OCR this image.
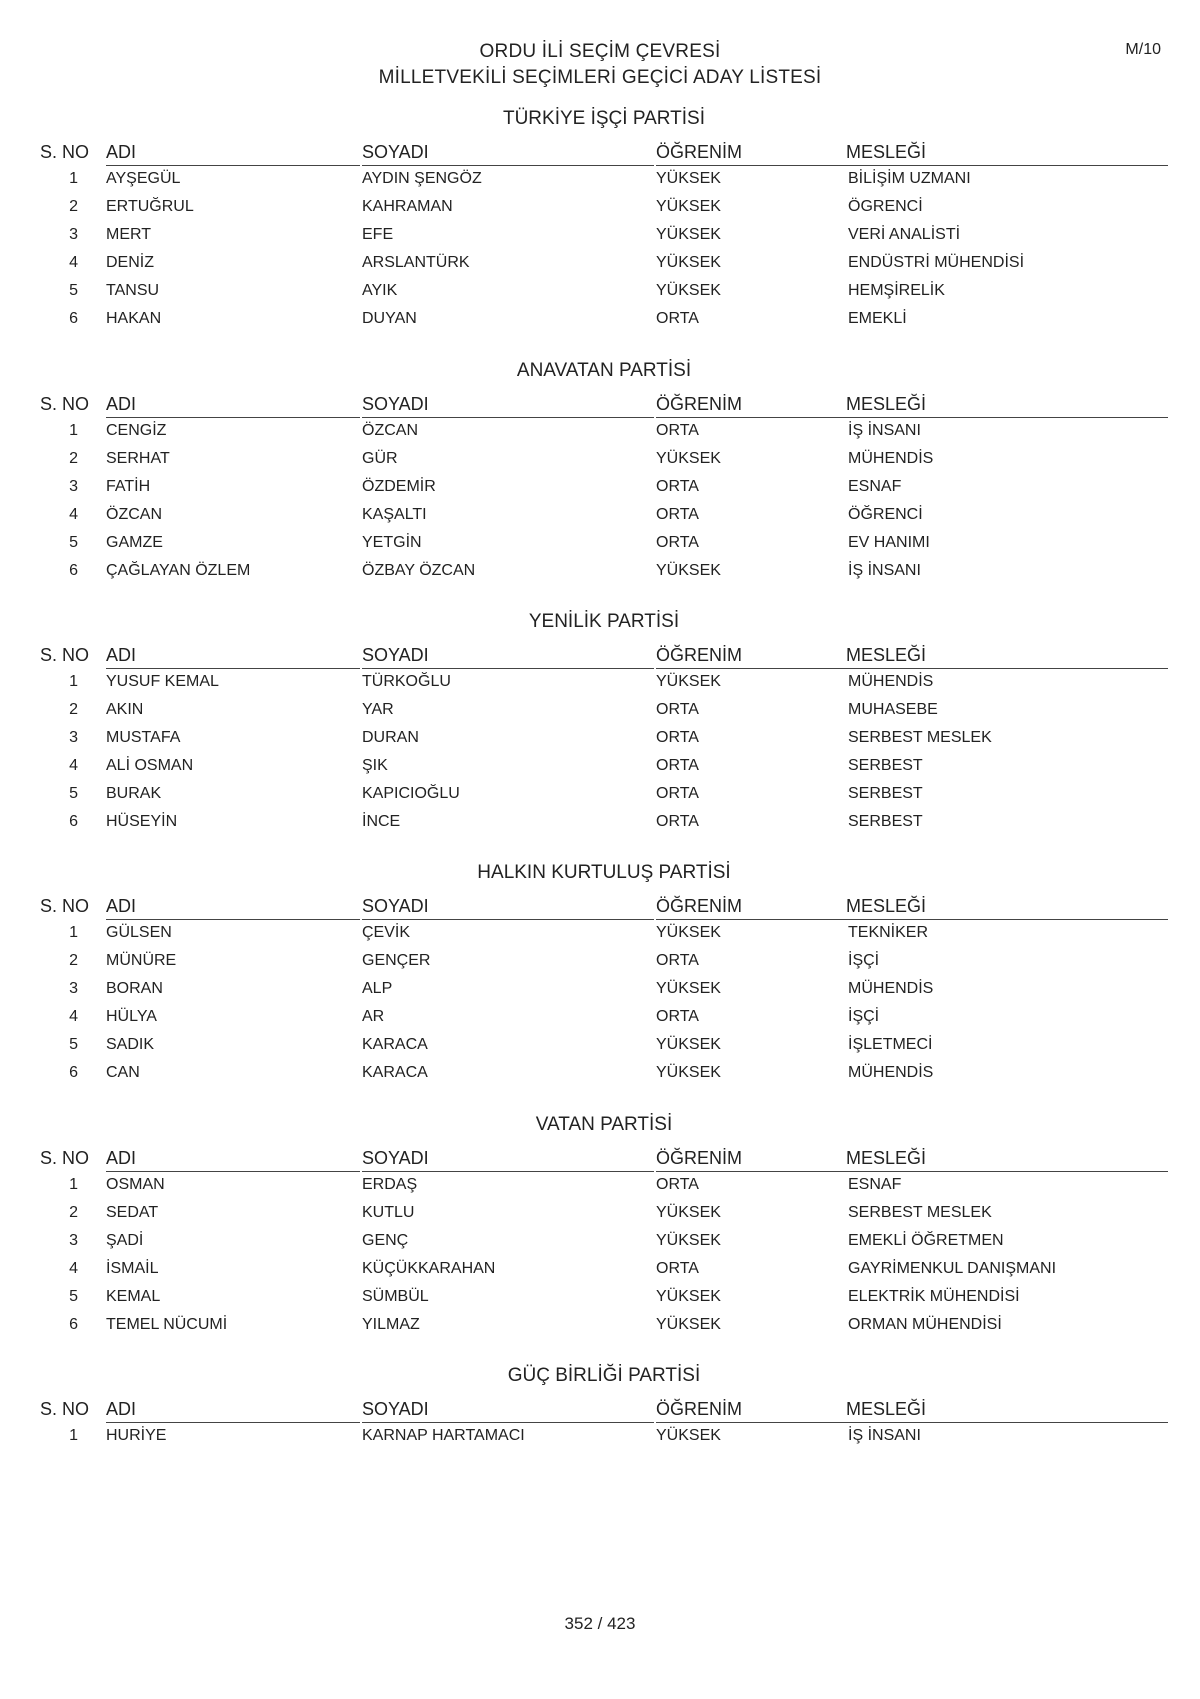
ORDU İLİ SEÇİM ÇEVRESİ
MİLLETVEKİLİ SEÇİMLERİ GEÇİCİ ADAY LİSTESİ
M/10
TÜRKİYE İŞÇİ PARTİSİ
S. NO ADI	SOYADI	ÖĞRENİM	MESLEĞİ
1 AYŞEGÜL	AYDIN ŞENGÖZ	YÜKSEK	BİLİŞİM UZMANI
2 ERTUĞRUL	KAHRAMAN	YÜKSEK	ÖGRENCİ
3 MERT	EFE	YÜKSEK	VERİ ANALİSTİ
4 DENİZ	ARSLANTÜRK	YÜKSEK	ENDÜSTRİ MÜHENDİSİ
5 TANSU	AYIK	YÜKSEK	HEMŞİRELİK
6 HAKAN	DUYAN	ORTA	EMEKLİ
ANAVATAN PARTİSİ
S. NO ADI	SOYADI	ÖĞRENİM	MESLEĞİ
1 CENGİZ	ÖZCAN	ORTA	İŞ İNSANI
2 SERHAT	GÜR	YÜKSEK	MÜHENDİS
3 FATİH	ÖZDEMİR	ORTA	ESNAF
4 ÖZCAN	KAŞALTI	ORTA	ÖĞRENCİ
5 GAMZE	YETGİN	ORTA	EV HANIMI
6 ÇAĞLAYAN ÖZLEM	ÖZBAY ÖZCAN	YÜKSEK	İŞ İNSANI
YENİLİK PARTİSİ
S. NO ADI	SOYADI	ÖĞRENİM	MESLEĞİ
1 YUSUF KEMAL	TÜRKOĞLU	YÜKSEK	MÜHENDİS
2 AKIN	YAR	ORTA	MUHASEBE
3 MUSTAFA	DURAN	ORTA	SERBEST MESLEK
4 ALİ OSMAN	ŞIK	ORTA	SERBEST
5 BURAK	KAPICIOĞLU	ORTA	SERBEST
6 HÜSEYİN	İNCE	ORTA	SERBEST
HALKIN KURTULUŞ PARTİSİ
S. NO ADI	SOYADI	ÖĞRENİM	MESLEĞİ
1 GÜLSEN	ÇEVİK	YÜKSEK	TEKNİKER
2 MÜNÜRE	GENÇER	ORTA	İŞÇİ
3 BORAN	ALP	YÜKSEK	MÜHENDİS
4 HÜLYA	AR	ORTA	İŞÇİ
5 SADIK	KARACA	YÜKSEK	İŞLETMECİ
6 CAN	KARACA	YÜKSEK	MÜHENDİS
VATAN PARTİSİ
S. NO ADI	SOYADI	ÖĞRENİM	MESLEĞİ
1 OSMAN	ERDAŞ	ORTA	ESNAF
2 SEDAT	KUTLU	YÜKSEK	SERBEST MESLEK
3 ŞADİ	GENÇ	YÜKSEK	EMEKLİ ÖĞRETMEN
4 İSMAİL	KÜÇÜKKARAHAN	ORTA	GAYRİMENKUL DANIŞMANI
5 KEMAL	SÜMBÜL	YÜKSEK	ELEKTRİK MÜHENDİSİ
6 TEMEL NÜCUMİ	YILMAZ	YÜKSEK	ORMAN MÜHENDİSİ
GÜÇ BİRLİĞİ PARTİSİ
S. NO ADI	SOYADI	ÖĞRENİM	MESLEĞİ
1 HURİYE	KARNAP HARTAMACI	YÜKSEK	İŞ İNSANI
352 / 423
